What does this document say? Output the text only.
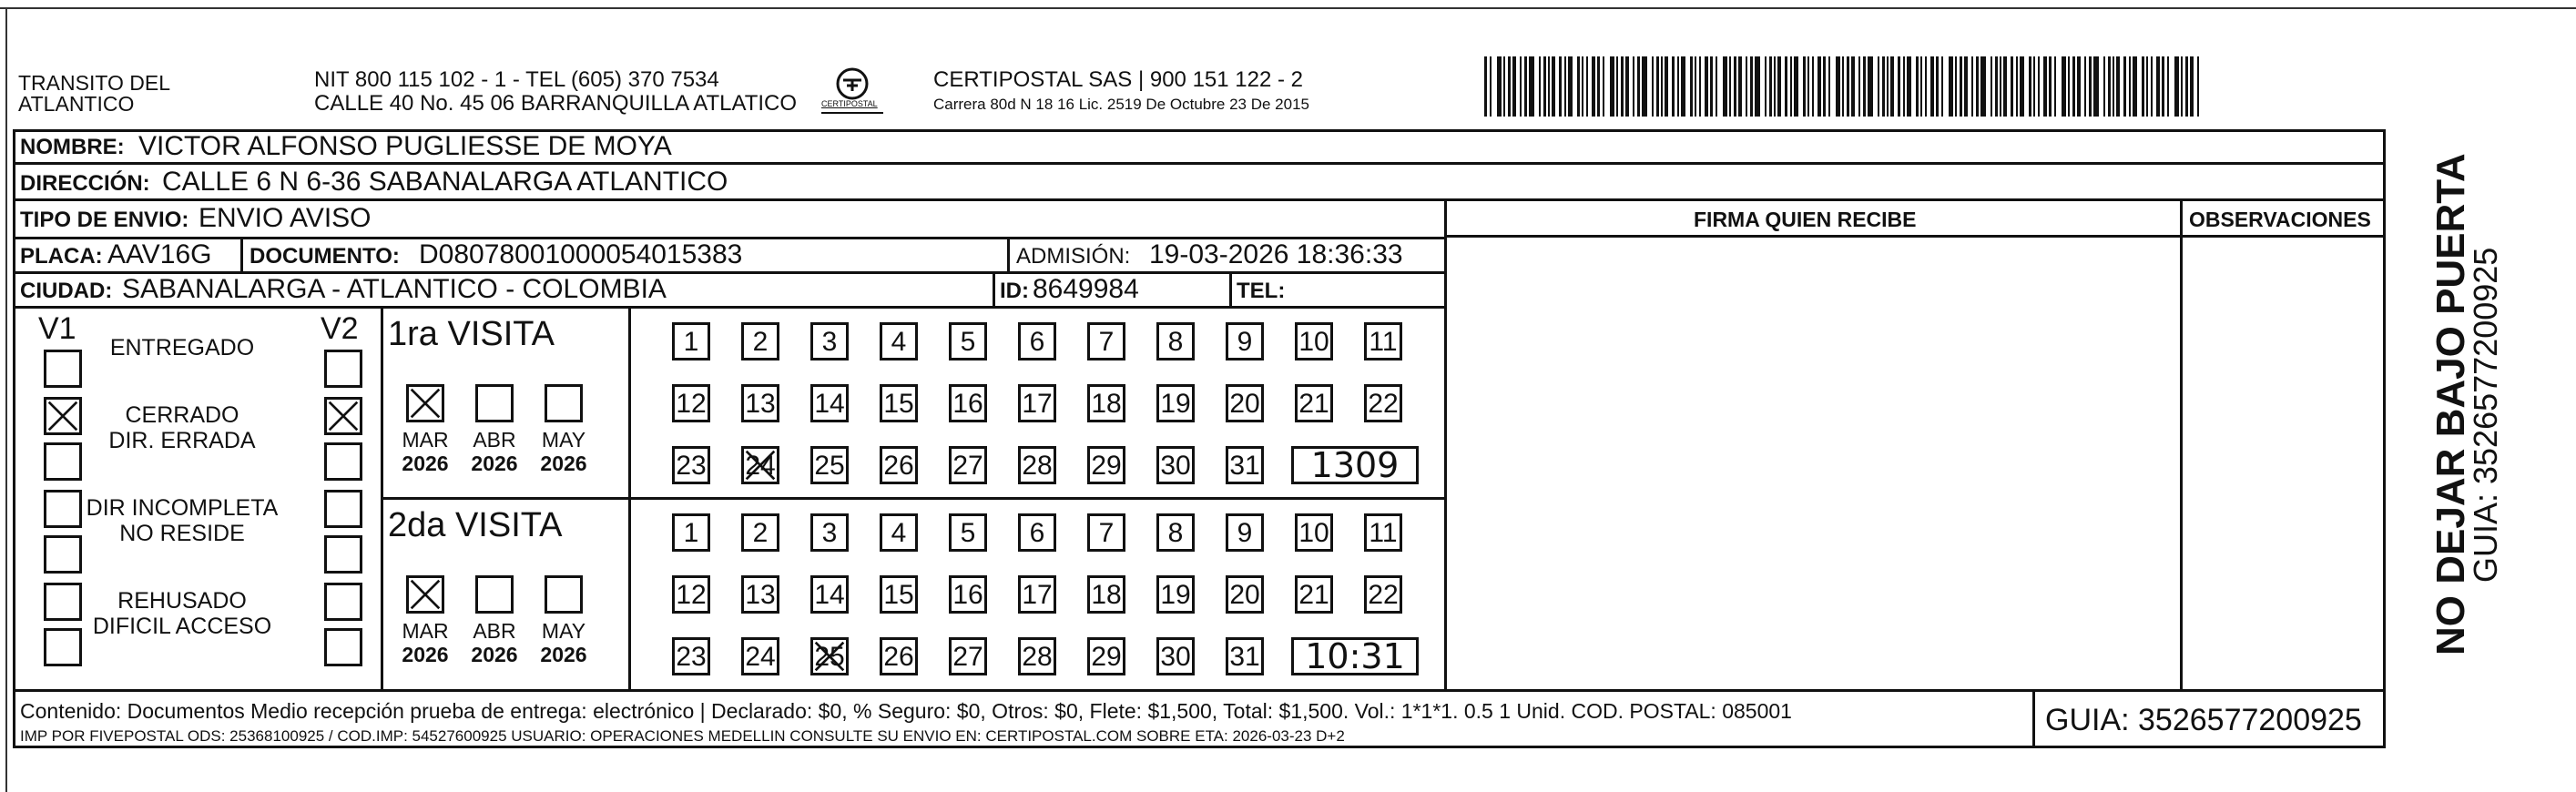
TRANSITO DEL
ATLANTICO
NIT 800 115 102 - 1 - TEL (605) 370 7534
CALLE 40 No. 45 06 BARRANQUILLA ATLATICO	CERTIPOSTAL
CERTIPOSTAL SAS | 900 151 122 - 2
Carrera 80d N 18 16 Lic. 2519 De Octubre 23 De 2015
NOMBRE: VICTOR ALFONSO PUGLIESSE DE MOYA
DIRECCIÓN: CALLE 6 N 6-36 SABANALARGA ATLANTICO
TIPO DE ENVIO: ENVIO AVISO	FIRMA QUIEN RECIBE	OBSERVACIONES
PLACA: AAV16G DOCUMENTO: D08078001000054015383	ADMISIÓN: 19-03-2026 18:36:33
CIUDAD: SABANALARGA - ATLANTICO - COLOMBIA	ID: 8649984	TEL:
V1	V2
ENTREGADO
CERRADO
DIR. ERRADA
DIR INCOMPLETA
NO RESIDE
REHUSADO
DIFICIL ACCESO
1ra VISITA
MAR
2026
ABR
2026
MAY
2026
1	2	3	4	5	6	7	8	9	10 11
12 13 14 15 16 17 18 19 20 21 22
23 24 25 26 27 28 29 30 31	1309
2da VISITA
MAR
2026
ABR
2026
MAY
2026
1	2	3	4	5	6	7	8	9	10 11
12 13 14 15 16 17 18 19 20 21 22
23 24 25 26 27 28 29 30 31	10:31
Contenido: Documentos Medio recepción prueba de entrega: electrónico | Declarado: $0, % Seguro: $0, Otros: $0, Flete: $1,500, Total: $1,500. Vol.: 1*1*1. 0.5 1 Unid. COD. POSTAL: 085001
IMP POR FIVEPOSTAL ODS: 25368100925 / COD.IMP: 54527600925 USUARIO: OPERACIONES MEDELLIN CONSULTE SU ENVIO EN: CERTIPOSTAL.COM SOBRE ETA: 2026-03-23 D+2	GUIA: 3526577200925
NO DEJAR BAJO PUERTA
GUIA: 3526577200925
